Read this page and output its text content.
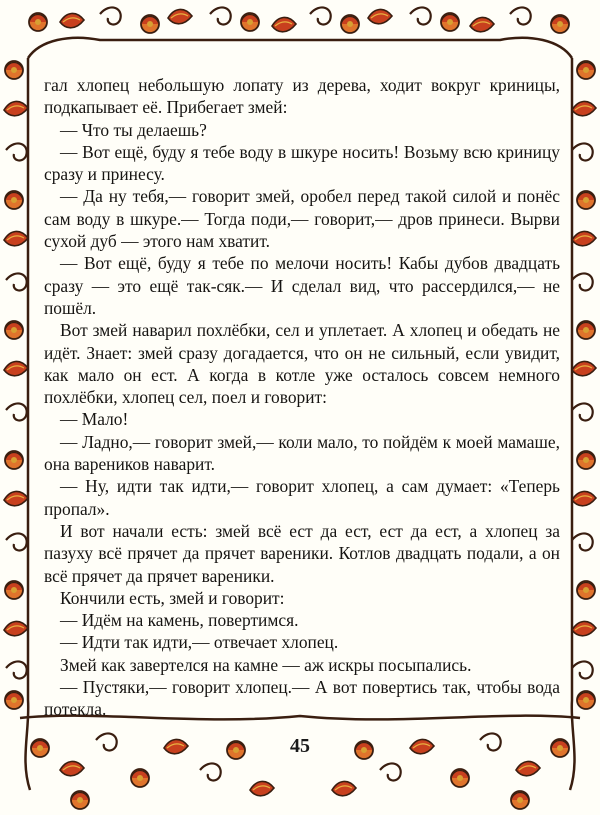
гал хлопец небольшую лопату из дерева, ходит вокруг криницы, подкапывает её. Прибегает змей:

— Что ты делаешь?

— Вот ещё, буду я тебе воду в шкуре носить! Возьму всю криницу сразу и принесу.

— Да ну тебя,— говорит змей, оробел перед такой силой и понёс сам воду в шкуре.— Тогда поди,— говорит,— дров принеси. Вырви сухой дуб — этого нам хватит.

— Вот ещё, буду я тебе по мелочи носить! Кабы дубов двадцать сразу — это ещё так-сяк.— И сделал вид, что рассердился,— не пошёл.

Вот змей наварил похлёбки, сел и уплетает. А хлопец и обедать не идёт. Знает: змей сразу догадается, что он не сильный, если увидит, как мало он ест. А когда в котле уже осталось совсем немного похлёбки, хлопец сел, поел и говорит:

— Мало!

— Ладно,— говорит змей,— коли мало, то пойдём к моей мамаше, она вареников наварит.

— Ну, идти так идти,— говорит хлопец, а сам думает: «Теперь пропал».

И вот начали есть: змей всё ест да ест, ест да ест, а хлопец за пазуху всё прячет да прячет вареники. Котлов двадцать подали, а он всё прячет да прячет вареники.

Кончили есть, змей и говорит:

— Идём на камень, повертимся.

— Идти так идти,— отвечает хлопец.

Змей как завертелся на камне — аж искры посыпались.

— Пустяки,— говорит хлопец.— А вот повертись так, чтобы вода потекла.

45
